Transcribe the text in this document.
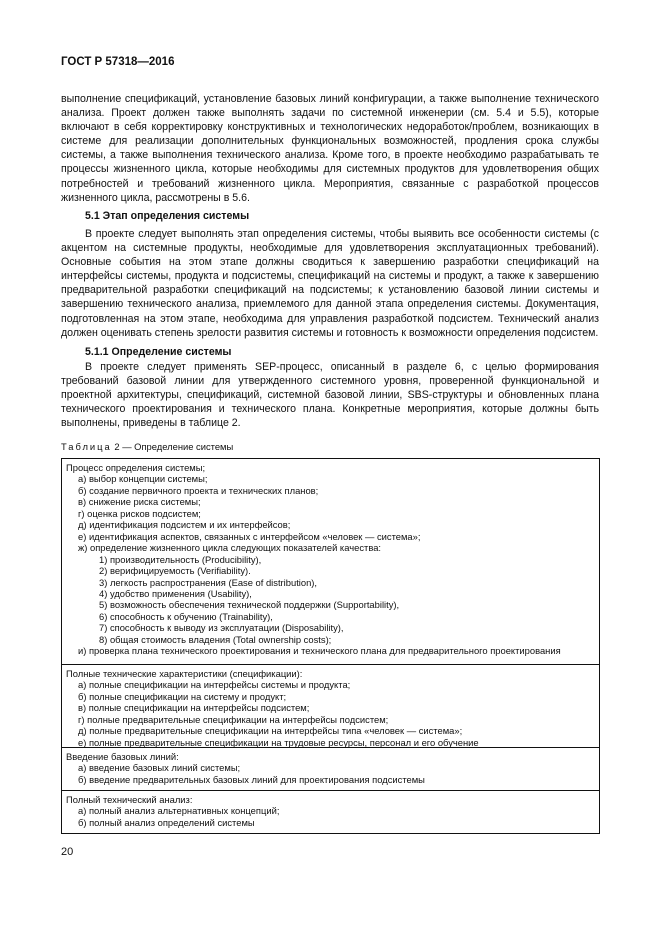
ГОСТ Р 57318—2016

выполнение спецификаций, установление базовых линий конфигурации, а также выполнение технического анализа. Проект должен также выполнять задачи по системной инженерии (см. 5.4 и 5.5), которые включают в себя корректировку конструктивных и технологических недоработок/проблем, возникающих в системе для реализации дополнительных функциональных возможностей, продления срока службы системы, а также выполнения технического анализа. Кроме того, в проекте необходимо разрабатывать те процессы жизненного цикла, которые необходимы для системных продуктов для удовлетворения общих потребностей и требований жизненного цикла. Мероприятия, связанные с разработкой процессов жизненного цикла, рассмотрены в 5.6.

5.1 Этап определения системы

В проекте следует выполнять этап определения системы, чтобы выявить все особенности системы (с акцентом на системные продукты, необходимые для удовлетворения эксплуатационных требований). Основные события на этом этапе должны сводиться к завершению разработки спецификаций на интерфейсы системы, продукта и подсистемы, спецификаций на системы и продукт, а также к завершению предварительной разработки спецификаций на подсистемы; к установлению базовой линии системы и завершению технического анализа, приемлемого для данной этапа определения системы. Документация, подготовленная на этом этапе, необходима для управления разработкой подсистем. Технический анализ должен оценивать степень зрелости развития системы и готовность к возможности определения подсистем.

5.1.1 Определение системы

В проекте следует применять SEP-процесс, описанный в разделе 6, с целью формирования требований базовой линии для утвержденного системного уровня, проверенной функциональной и проектной архитектуры, спецификаций, системной базовой линии, SBS-структуры и обновленных плана технического проектирования и технического плана. Конкретные мероприятия, которые должны быть выполнены, приведены в таблице 2.

Таблица 2 — Определение системы
Процесс определения системы;
а) выбор концепции системы;
б) создание первичного проекта и технических планов;
в) снижение риска системы;
г) оценка рисков подсистем;
д) идентификация подсистем и их интерфейсов;
е) идентификация аспектов, связанных с интерфейсом «человек — система»;
ж) определение жизненного цикла следующих показателей качества:
1) производительность (Producibility),
2) верифицируемость (Verifiability).
3) легкость распространения (Ease of distribution),
4) удобство применения (Usability),
5) возможность обеспечения технической поддержки (Supportability),
6) способность к обучению (Trainability),
7) способность к выводу из эксплуатации (Disposability),
8) общая стоимость владения (Total ownership costs);
и) проверка плана технического проектирования и технического плана для предварительного проектирования
Полные технические характеристики (спецификации):
а) полные спецификации на интерфейсы системы и продукта;
б) полные спецификации на систему и продукт;
в) полные спецификации на интерфейсы подсистем;
г) полные предварительные спецификации на интерфейсы подсистем;
д) полные предварительные спецификации на интерфейсы типа «человек — система»;
е) полные предварительные спецификации на трудовые ресурсы, персонал и его обучение
Введение базовых линий:
а) введение базовых линий системы;
б) введение предварительных базовых линий для проектирования подсистемы
Полный технический анализ:
а) полный анализ альтернативных концепций;
б) полный анализ определений системы
20
